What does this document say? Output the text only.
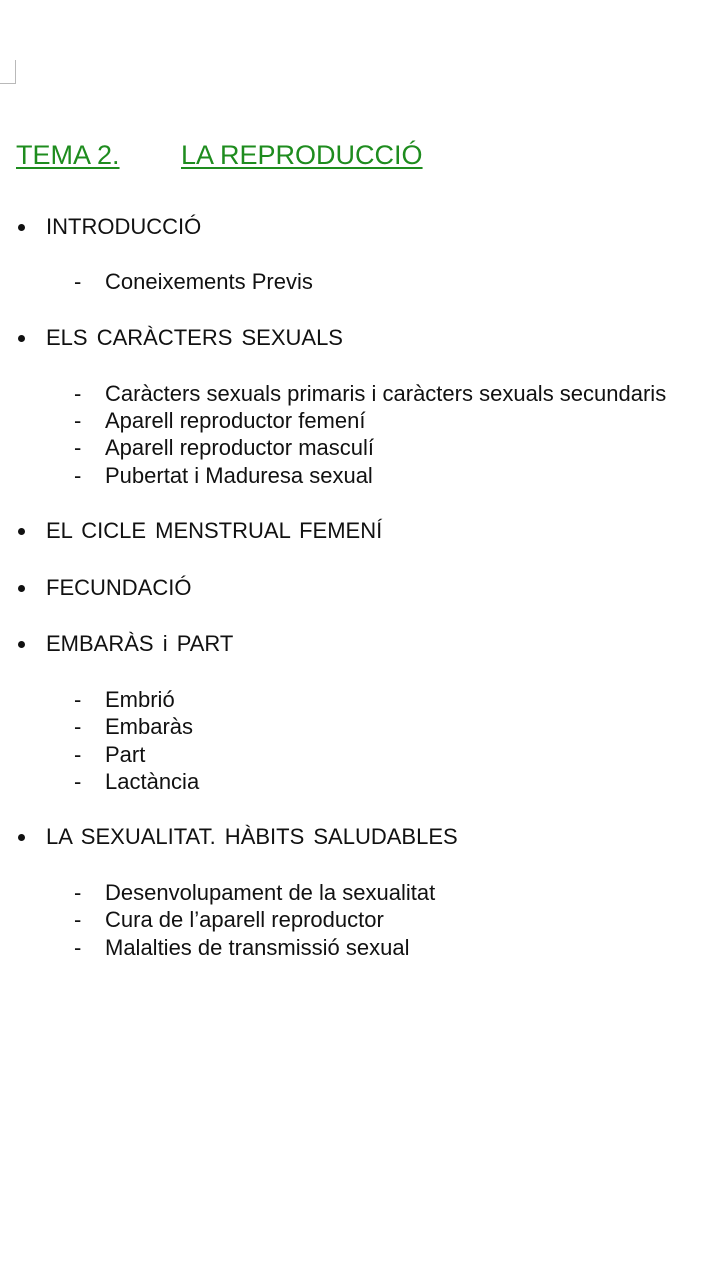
TEMA 2. LA REPRODUCCIÓ
INTRODUCCIÓ
- Coneixements Previs
ELS CARÀCTERS SEXUALS
- Caràcters sexuals primaris i caràcters sexuals secundaris
- Aparell reproductor femení
- Aparell reproductor masculí
- Pubertat i Maduresa sexual
EL CICLE MENSTRUAL FEMENÍ
FECUNDACIÓ
EMBARÀS i PART
- Embrió
- Embaràs
- Part
- Lactància
LA SEXUALITAT. HÀBITS SALUDABLES
- Desenvolupament de la sexualitat
- Cura de l’aparell reproductor
- Malalties de transmissió sexual
